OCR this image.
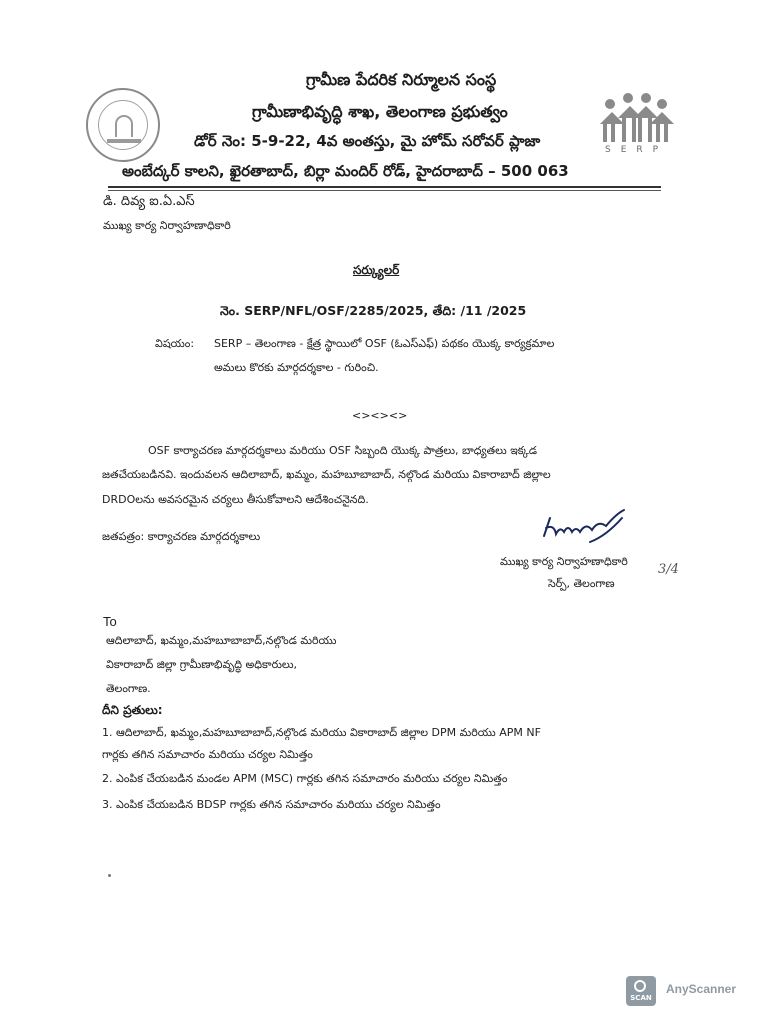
గ్రామీణ పేదరిక నిర్మూలన సంస్థ
గ్రామీణాభివృద్ధి శాఖ, తెలంగాణ ప్రభుత్వం
డోర్ నెం: 5-9-22, 4వ అంతస్తు, మై హోమ్ సరోవర్ ప్లాజా
అంబేద్కర్ కాలని, ఖైరతాబాద్, బిర్లా మందిర్ రోడ్, హైదరాబాద్ – 500 063
SERP
డి. దివ్య ఐ.ఏ.ఎస్
ముఖ్య కార్య నిర్వాహణాధికారి
సర్క్యులర్
నెం. SERP/NFL/OSF/2285/2025, తేది: /11 /2025
విషయం: SERP – తెలంగాణ - క్షేత్ర స్థాయిలో OSF (ఓఎస్ఎఫ్) పథకం యొక్క కార్యక్రమాల
అమలు కొరకు మార్గదర్శకాల - గురించి.
<><><>
OSF కార్యాచరణ మార్గదర్శకాలు మరియు OSF సిబ్బంది యొక్క పాత్రలు, బాధ్యతలు ఇక్కడ
జతచేయబడినవి. ఇందువలన ఆదిలాబాద్, ఖమ్మం, మహబూబాబాద్, నల్గొండ మరియు వికారాబాద్ జిల్లాల
DRDOలను అవసరమైన చర్యలు తీసుకోవాలని ఆదేశించనైనది.
జతపత్రం: కార్యాచరణ మార్గదర్శకాలు
ముఖ్య కార్య నిర్వాహణాధికారి
సెర్ప్, తెలంగాణ
3/4
To
ఆదిలాబాద్, ఖమ్మం,మహబూబాబాద్,నల్గొండ మరియు
వికారాబాద్ జిల్లా గ్రామీణాభివృద్ధి అధికారులు,
తెలంగాణ.
దీని ప్రతులు:
1. ఆదిలాబాద్, ఖమ్మం,మహబూబాబాద్,నల్గొండ మరియు వికారాబాద్ జిల్లాల DPM మరియు APM NF
గార్లకు తగిన సమాచారం మరియు చర్యల నిమిత్తం
2. ఎంపిక చేయబడిన మండల APM (MSC) గార్లకు తగిన సమాచారం మరియు చర్యల నిమిత్తం
3. ఎంపిక చేయబడిన BDSP గార్లకు తగిన సమాచారం మరియు చర్యల నిమిత్తం
SCAN
AnyScanner
